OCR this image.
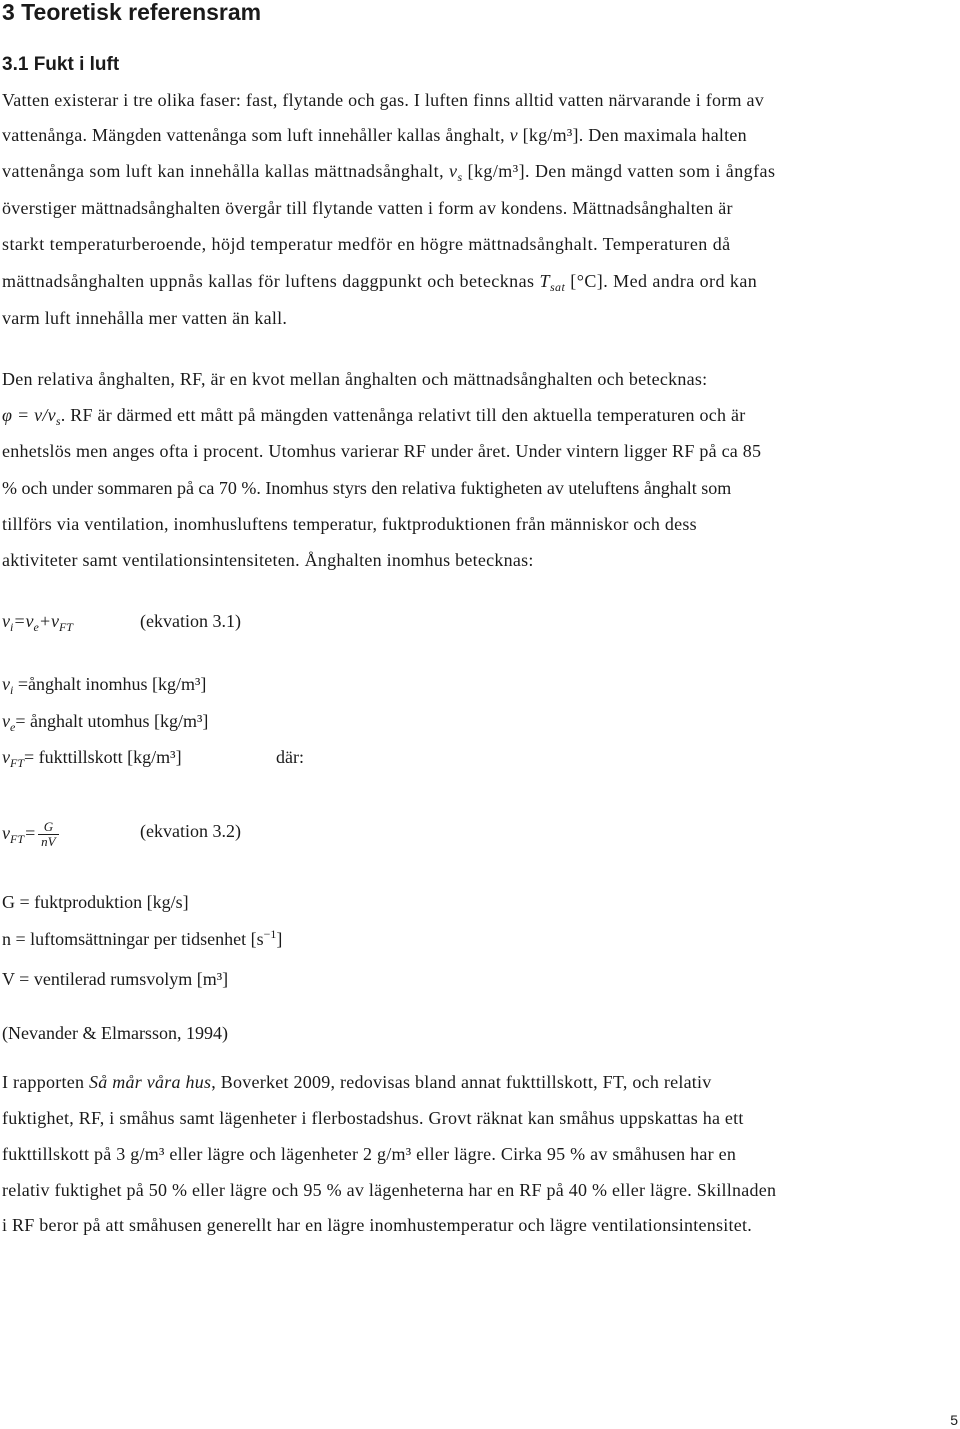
3 Teoretisk referensram
3.1 Fukt i luft

Vatten existerar i tre olika faser: fast, flytande och gas. I luften finns alltid vatten närvarande i form av

vattenånga. Mängden vattenånga som luft innehåller kallas ånghalt, v [kg/m³]. Den maximala halten

vattenånga som luft kan innehålla kallas mättnadsånghalt, $v_s$ [kg/m³]. Den mängd vatten som i ångfas

överstiger mättnadsånghalten övergår till flytande vatten i form av kondens. Mättnadsånghalten är

starkt temperaturberoende, höjd temperatur medför en högre mättnadsånghalt. Temperaturen då

mättnadsånghalten uppnås kallas för luftens daggpunkt och betecknas $T_{sat}$ [°C]. Med andra ord kan

varm luft innehålla mer vatten än kall.

Den relativa ånghalten, RF, är en kvot mellan ånghalten och mättnadsånghalten och betecknas:

$\varphi = v/v_s$. RF är därmed ett mått på mängden vattenånga relativt till den aktuella temperaturen och är

enhetslös men anges ofta i procent. Utomhus varierar RF under året. Under vintern ligger RF på ca 85

% och under sommaren på ca 70 %. Inomhus styrs den relativa fuktigheten av uteluftens ånghalt som

tillförs via ventilation, inomhusluftens temperatur, fuktproduktionen från människor och dess

aktiviteter samt ventilationsintensiteten. Ånghalten inomhus betecknas:

$v_i=v_e+v_{FT}$	(ekvation 3.1)

$v_i$ =ånghalt inomhus [kg/m³]

$v_e=$ ånghalt utomhus [kg/m³]

$v_{FT}=$ fukttillskott [kg/m³]	där:

$v_{FT}= \frac{G}{nV}$	(ekvation 3.2)

G = fuktproduktion [kg/s]

n = luftomsättningar per tidsenhet $[s^{-1}]$

V = ventilerad rumsvolym [m³]

(Nevander & Elmarsson, 1994)

I rapporten Så mår våra hus, Boverket 2009, redovisas bland annat fukttillskott, FT, och relativ

fuktighet, RF, i småhus samt lägenheter i flerbostadshus. Grovt räknat kan småhus uppskattas ha ett

fukttillskott på 3 g/m³ eller lägre och lägenheter 2 g/m³ eller lägre. Cirka 95 % av småhusen har en

relativ fuktighet på 50 % eller lägre och 95 % av lägenheterna har en RF på 40 % eller lägre. Skillnaden

i RF beror på att småhusen generellt har en lägre inomhustemperatur och lägre ventilationsintensitet.

5
